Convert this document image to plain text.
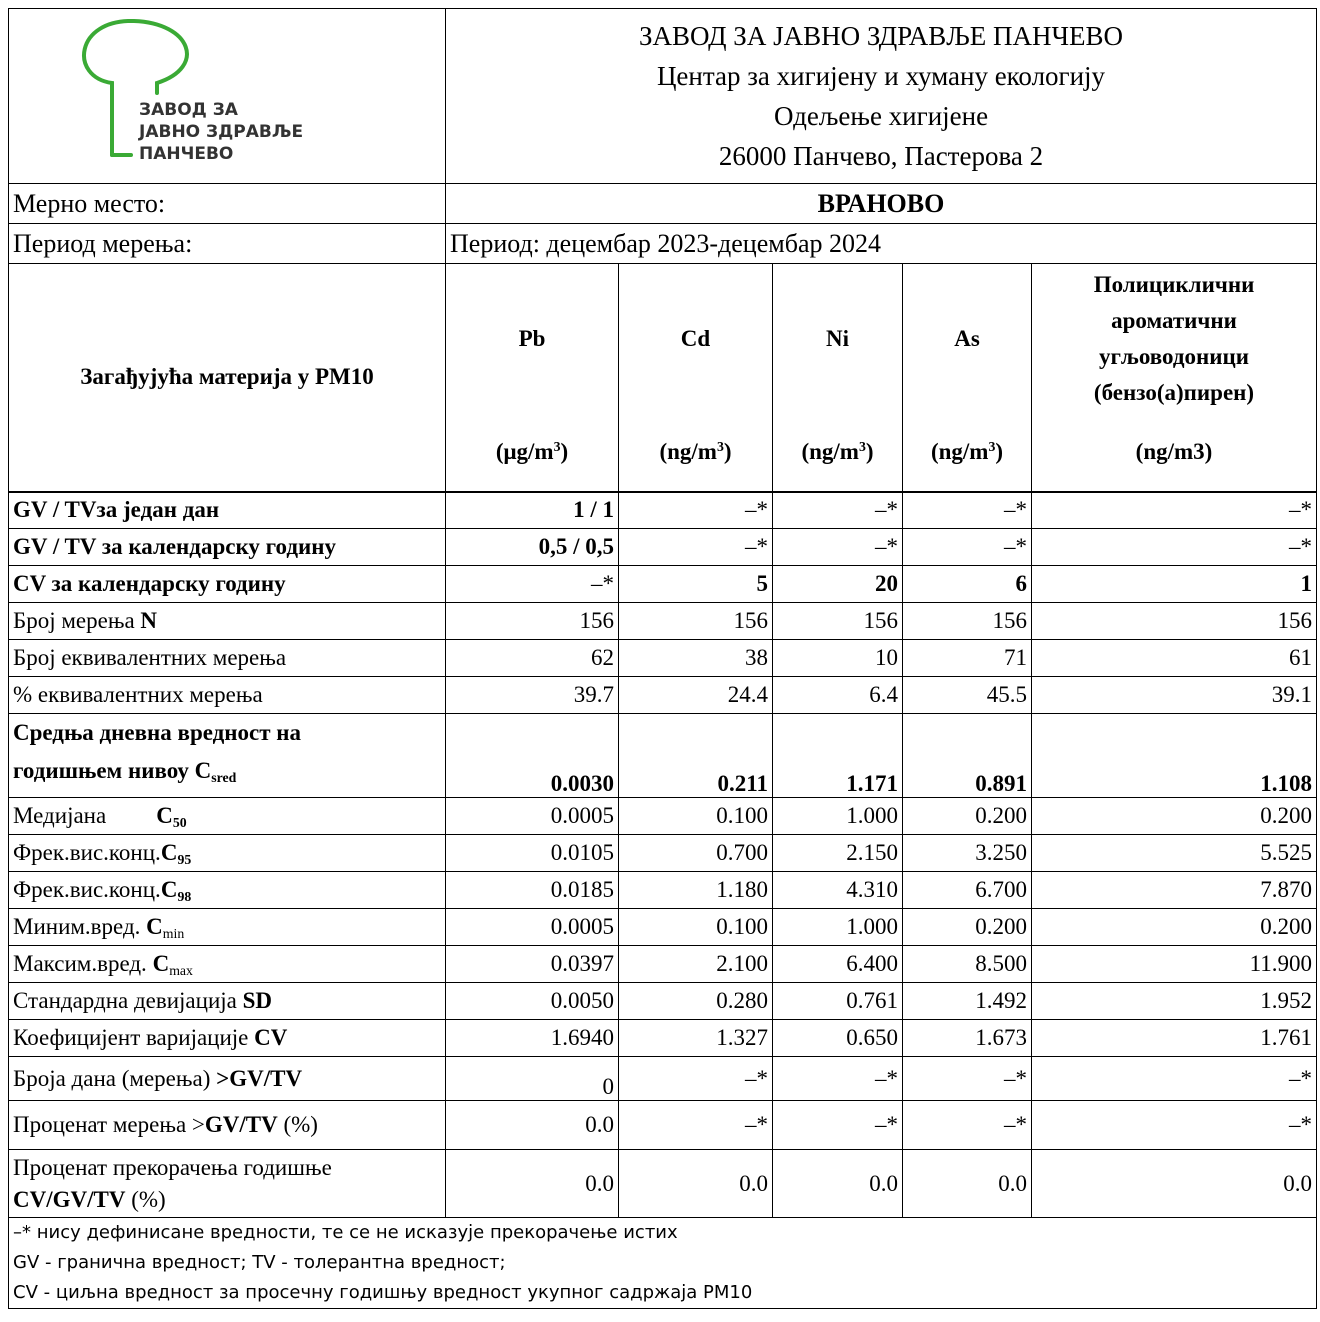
ЗАВОД ЗА
ЈАВНО ЗДРАВЉЕ
ПАНЧЕВО	ЗАВОД ЗА ЈАВНО ЗДРАВЉЕ ПАНЧЕВО
Центар за хигијену и хуману екологију
Одељење хигијене
26000 Панчево, Пастерова 2				

Мерно место:	ВРАНОВО				
Период мерења:	Период: децембар 2023-децембар 2024				
Загађујућа материја у PM10	Pb	Cd	Ni	As	Полициклични ароматични угљоводоници (бензо(а)пирен)
	$(\mu g/m^3)$	$(ng/m^3)$	$(ng/m^3)$	$(ng/m^3)$	(ng/m3)
GV / TVза један дан	1 / 1	–*	–*	–*	–*
GV / TV за календарску годину	0,5 / 0,5	–*	–*	–*	–*
CV за календарску годину	–*	5	20	6	1
Број мерења N	156	156	156	156	156
Број еквивалентних мерења	62	38	10	71	61
% еквивалентних мерења	39.7	24.4	6.4	45.5	39.1
Средња дневна вредност на
годишњем нивоу $C_{sred}$	0.0030	0.211	1.171	0.891	1.108
Медијана $C_{50}$	0.0005	0.100	1.000	0.200	0.200
$Фрек.вис.конц.C_{95}$	0.0105	0.700	2.150	3.250	5.525
$Фрек.вис.конц.C_{98}$	0.0185	1.180	4.310	6.700	7.870
Миним.вред. $C_{min}$	0.0005	0.100	1.000	0.200	0.200
Максим.вред. $C_{max}$	0.0397	2.100	6.400	8.500	11.900
Стандардна девијација SD	0.0050	0.280	0.761	1.492	1.952
Коефицијент варијације CV	1.6940	1.327	0.650	1.673	1.761
Броја дана (мерења) >GV/TV	0	–*	–*	–*	–*
Проценат мерења >GV/TV (%)	0.0	–*	–*	–*	–*
Проценат прекорачења годишње
CV/GV/TV (%)	0.0	0.0	0.0	0.0	0.0
–* нису дефинисане вредности, те се не исказује прекорачење истих					
GV - гранична вредност; TV - толерантна вредност;					
CV - циљна вредност за просечну годишњу вредност укупног садржаја PM10					
